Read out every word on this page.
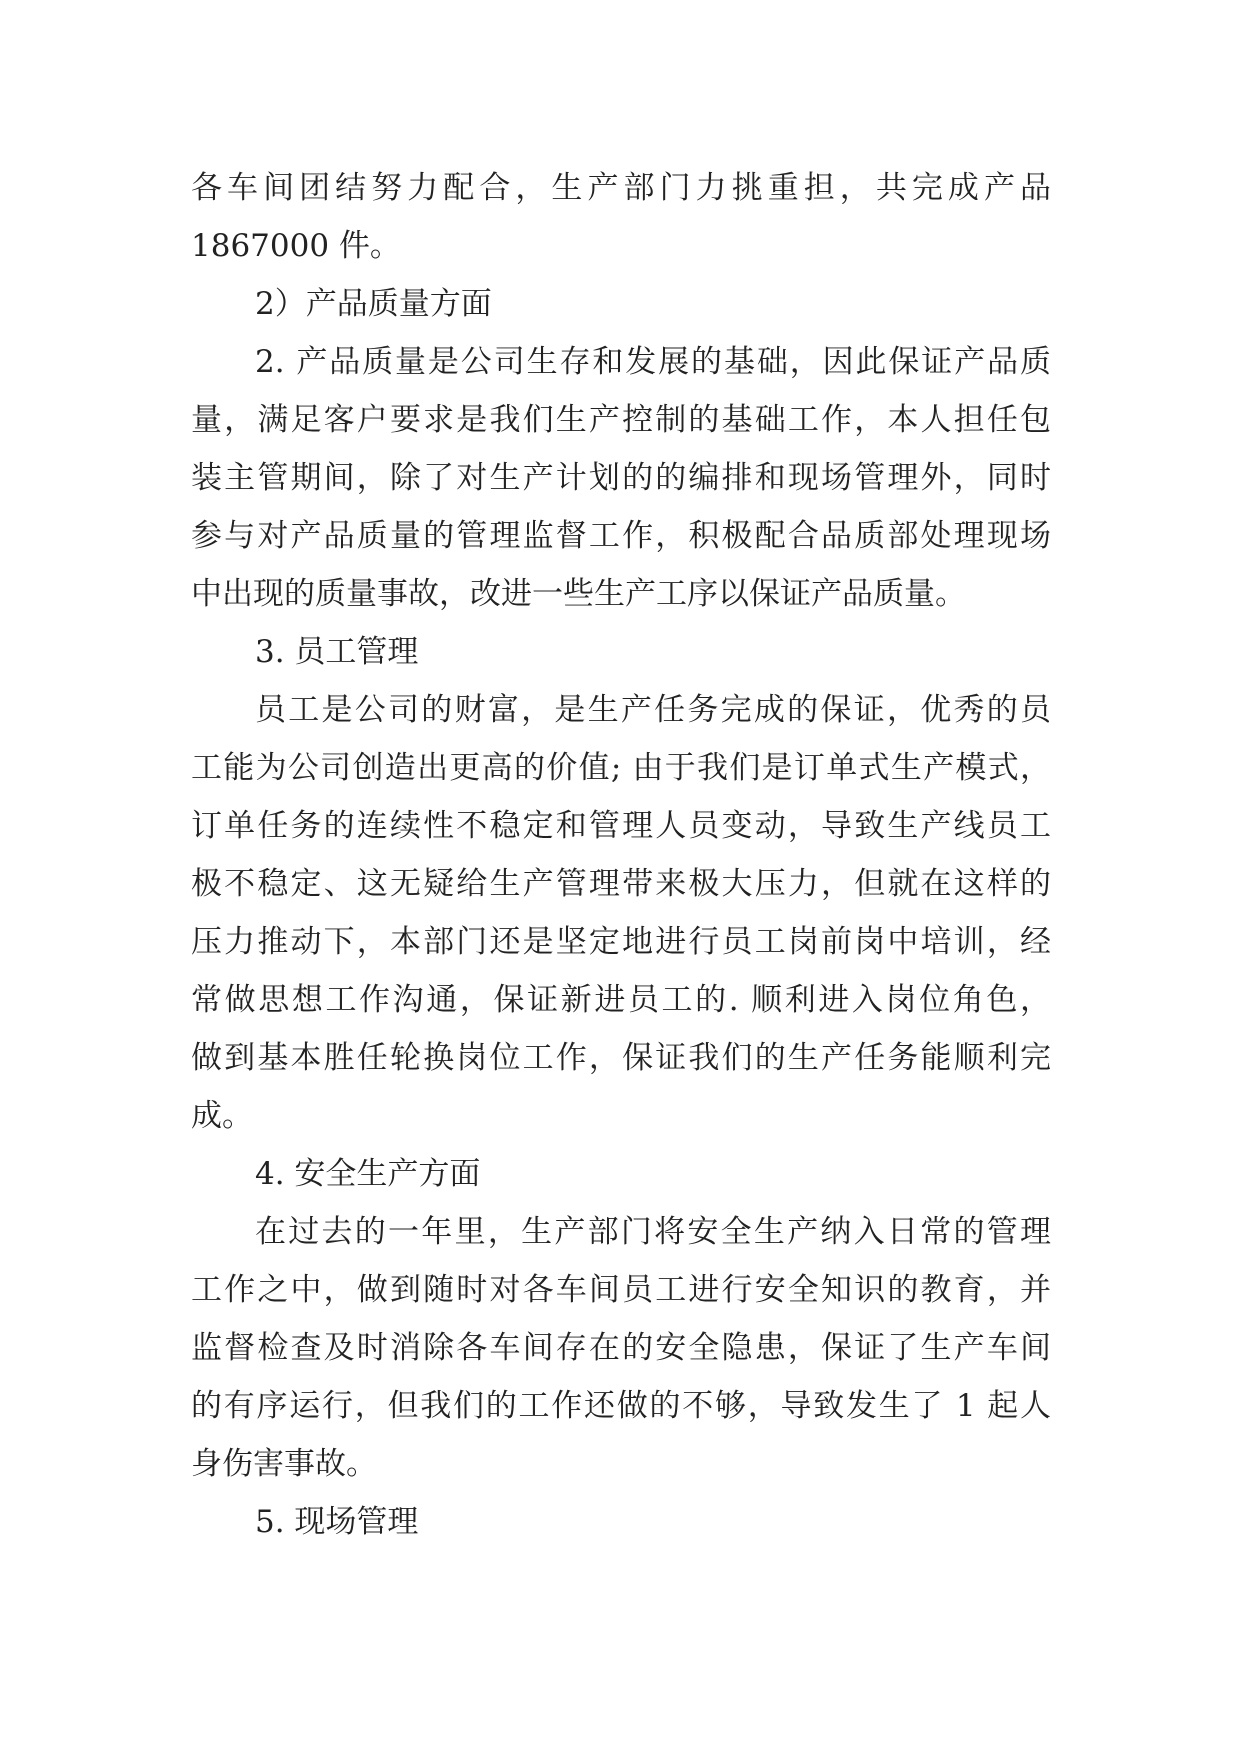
各车间团结努力配合，生产部门力挑重担，共完成产品

1867000 件。

2）产品质量方面

2. 产品质量是公司生存和发展的基础，因此保证产品质

量，满足客户要求是我们生产控制的基础工作，本人担任包

装主管期间，除了对生产计划的的编排和现场管理外，同时

参与对产品质量的管理监督工作，积极配合品质部处理现场

中出现的质量事故，改进一些生产工序以保证产品质量。

3. 员工管理

员工是公司的财富，是生产任务完成的保证，优秀的员

工能为公司创造出更高的价值; 由于我们是订单式生产模式，

订单任务的连续性不稳定和管理人员变动，导致生产线员工

极不稳定、这无疑给生产管理带来极大压力，但就在这样的

压力推动下，本部门还是坚定地进行员工岗前岗中培训，经

常做思想工作沟通，保证新进员工的. 顺利进入岗位角色，

做到基本胜任轮换岗位工作，保证我们的生产任务能顺利完

成。

4. 安全生产方面

在过去的一年里，生产部门将安全生产纳入日常的管理

工作之中，做到随时对各车间员工进行安全知识的教育，并

监督检查及时消除各车间存在的安全隐患，保证了生产车间

的有序运行，但我们的工作还做的不够，导致发生了 1 起人

身伤害事故。

5. 现场管理
